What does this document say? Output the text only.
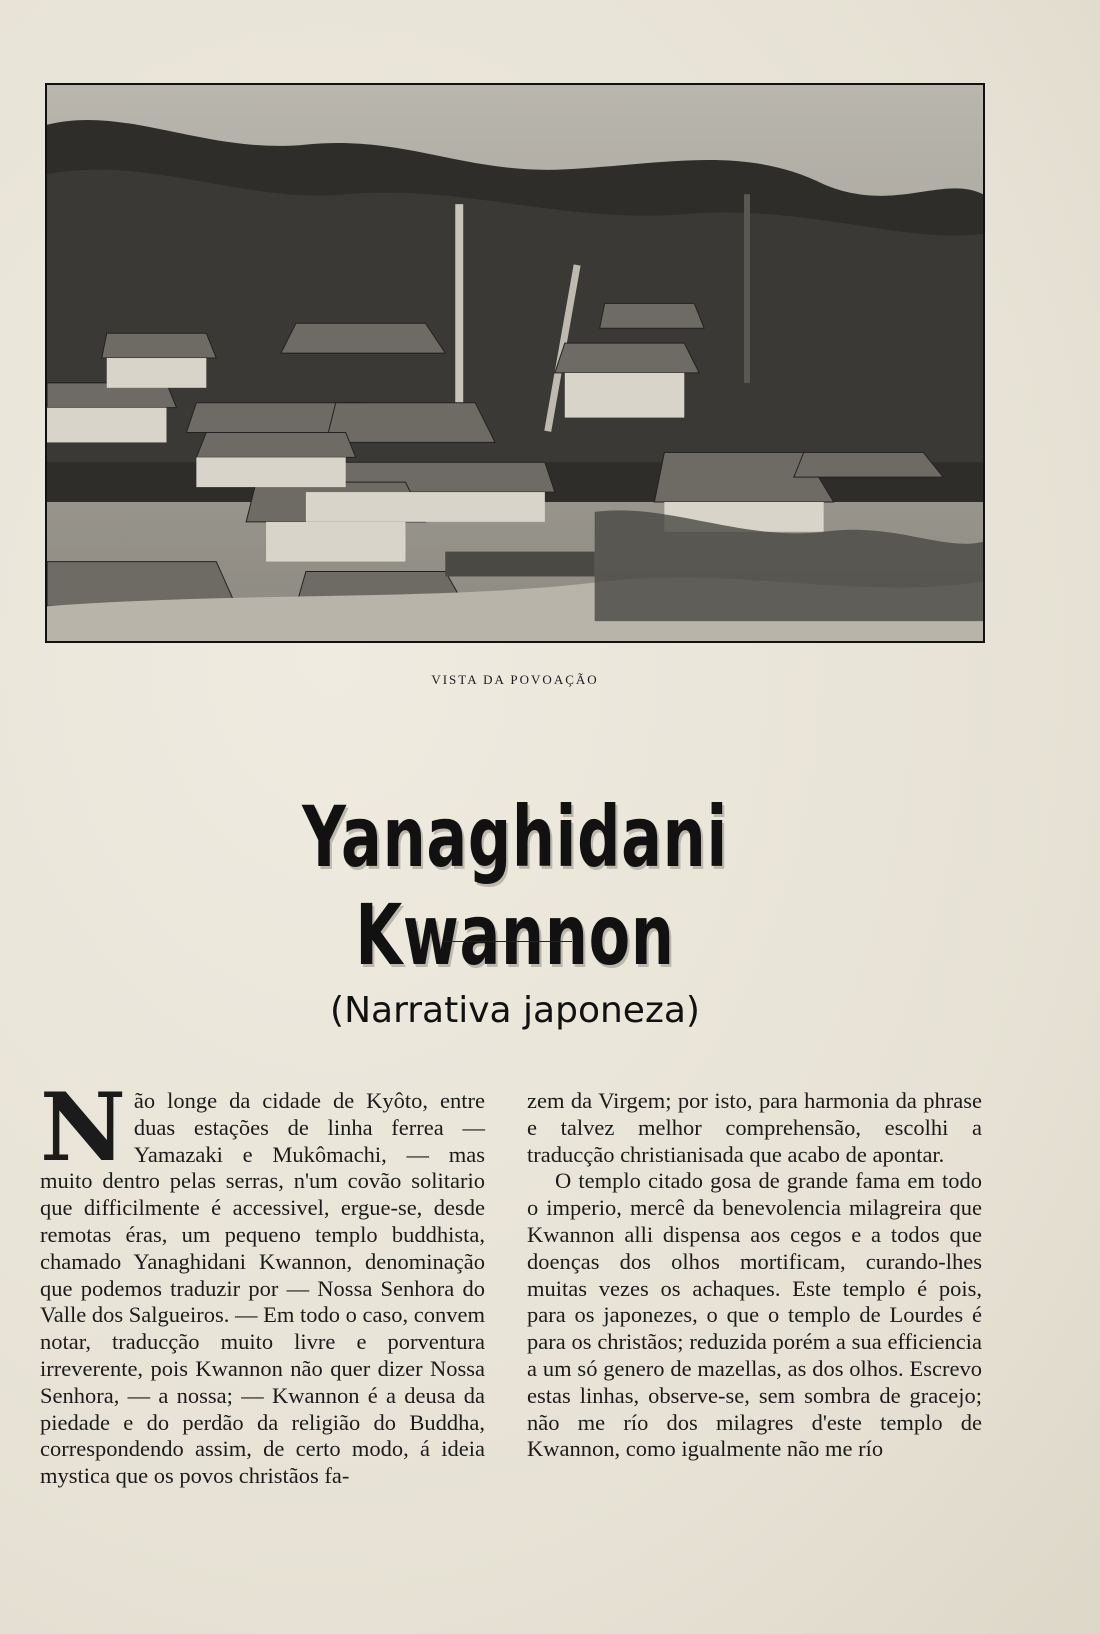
VISTA DA POVOAÇÃO
Yanaghidani Kwannon
(Narrativa japoneza)

Não longe da cidade de Kyôto, entre duas estações de linha ferrea — Yamazaki e Mukômachi, — mas muito dentro pelas serras, n'um covão solitario que difficilmente é accessivel, ergue-se, desde remotas éras, um pequeno templo buddhista, chamado Yanaghidani Kwannon, denominação que podemos traduzir por — Nossa Senhora do Valle dos Salgueiros. — Em todo o caso, convem notar, traducção muito livre e porventura irreverente, pois Kwannon não quer dizer Nossa Senhora, — a nossa; — Kwannon é a deusa da piedade e do perdão da religião do Buddha, correspondendo assim, de certo modo, á ideia mystica que os povos christãos fa-

zem da Virgem; por isto, para harmonia da phrase e talvez melhor comprehensão, escolhi a traducção christianisada que acabo de apontar.

O templo citado gosa de grande fama em todo o imperio, mercê da benevolencia milagreira que Kwannon alli dispensa aos cegos e a todos que doenças dos olhos mortificam, curando-lhes muitas vezes os achaques. Este templo é pois, para os japonezes, o que o templo de Lourdes é para os christãos; reduzida porém a sua efficiencia a um só genero de mazellas, as dos olhos. Escrevo estas linhas, observe-se, sem sombra de gracejo; não me río dos milagres d'este templo de Kwannon, como igualmente não me río
